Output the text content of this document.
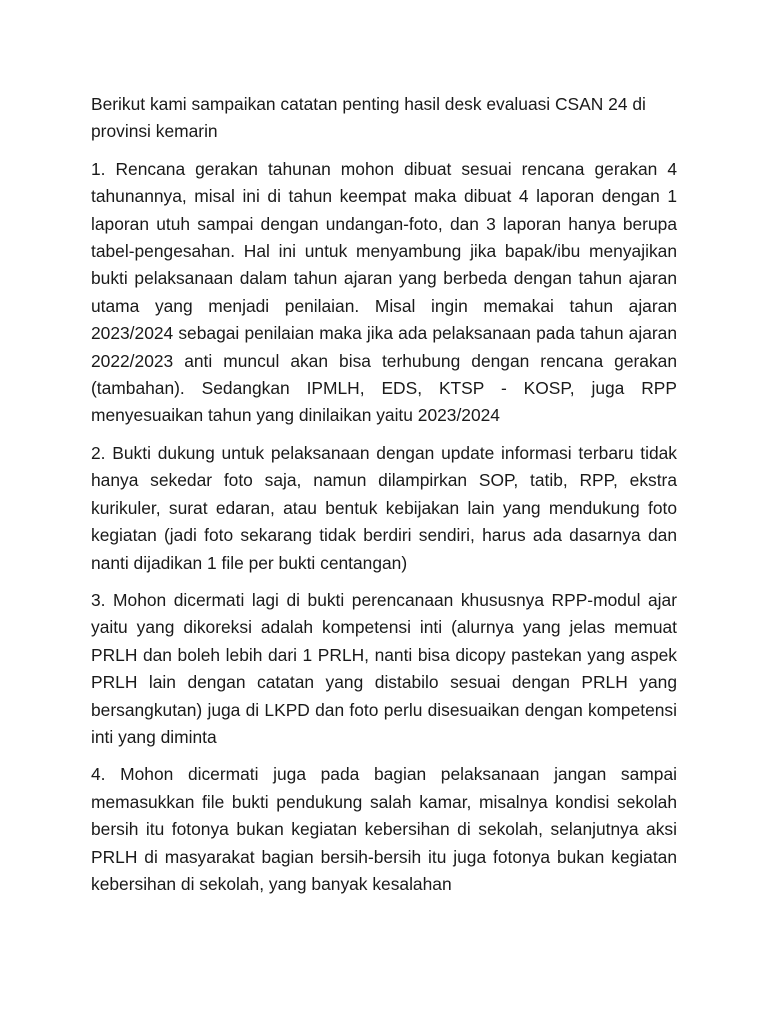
Berikut kami sampaikan catatan penting hasil desk evaluasi CSAN 24 di provinsi kemarin

1. Rencana gerakan tahunan mohon dibuat sesuai rencana gerakan 4 tahunannya, misal ini di tahun keempat maka dibuat 4 laporan dengan 1 laporan utuh sampai dengan undangan-foto, dan 3 laporan hanya berupa tabel-pengesahan. Hal ini untuk menyambung jika bapak/ibu menyajikan bukti pelaksanaan dalam tahun ajaran yang berbeda dengan tahun ajaran utama yang menjadi penilaian. Misal ingin memakai tahun ajaran 2023/2024 sebagai penilaian maka jika ada pelaksanaan pada tahun ajaran 2022/2023 anti muncul akan bisa terhubung dengan rencana gerakan (tambahan). Sedangkan IPMLH, EDS, KTSP - KOSP, juga RPP menyesuaikan tahun yang dinilaikan yaitu 2023/2024

2. Bukti dukung untuk pelaksanaan dengan update informasi terbaru tidak hanya sekedar foto saja, namun dilampirkan SOP, tatib, RPP, ekstra kurikuler, surat edaran, atau bentuk kebijakan lain yang mendukung foto kegiatan (jadi foto sekarang tidak berdiri sendiri, harus ada dasarnya dan nanti dijadikan 1 file per bukti centangan)

3. Mohon dicermati lagi di bukti perencanaan khususnya RPP-modul ajar yaitu yang dikoreksi adalah kompetensi inti (alurnya yang jelas memuat PRLH dan boleh lebih dari 1 PRLH, nanti bisa dicopy pastekan yang aspek PRLH lain dengan catatan yang distabilo sesuai dengan PRLH yang bersangkutan) juga di LKPD dan foto perlu disesuaikan dengan kompetensi inti yang diminta

4. Mohon dicermati juga pada bagian pelaksanaan jangan sampai memasukkan file bukti pendukung salah kamar, misalnya kondisi sekolah bersih itu fotonya bukan kegiatan kebersihan di sekolah, selanjutnya aksi PRLH di masyarakat bagian bersih-bersih itu juga fotonya bukan kegiatan kebersihan di sekolah, yang banyak kesalahan
